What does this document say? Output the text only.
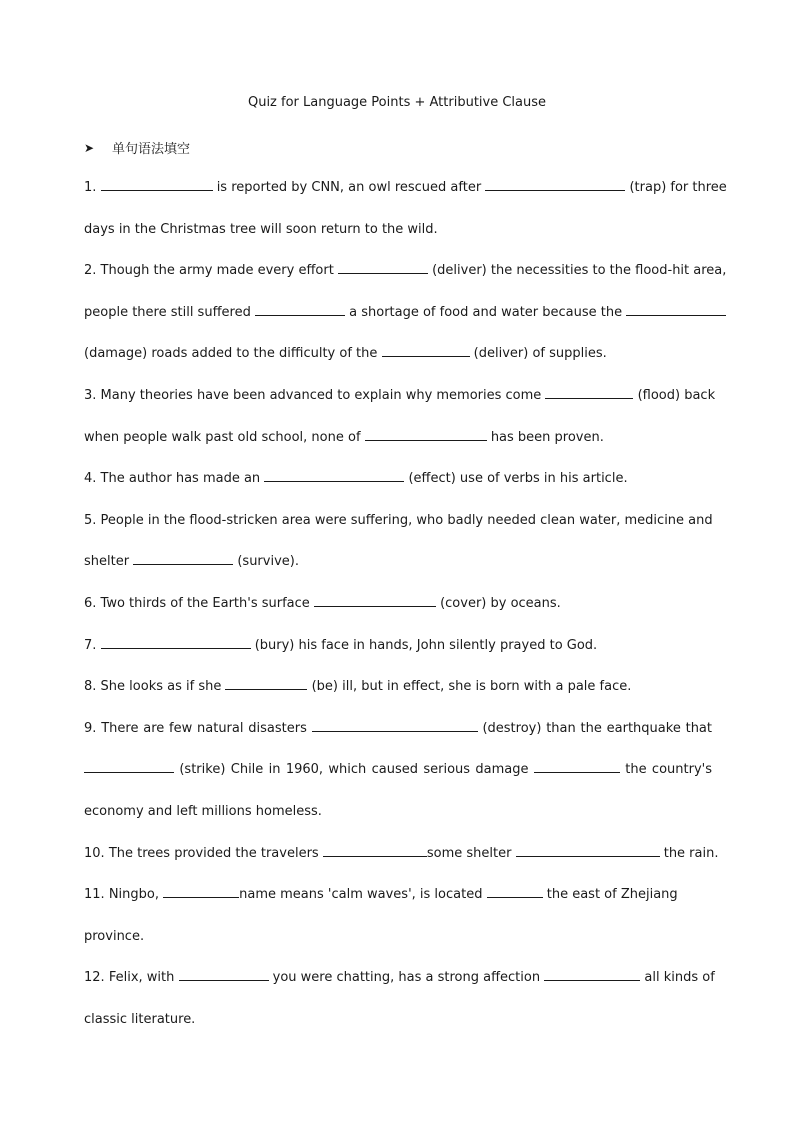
Quiz for Language Points + Attributive Clause
➤	单句语法填空
1.	is reported by CNN, an owl rescued after	(trap) for three
days in the Christmas tree will soon return to the wild.
2. Though the army made every effort	(deliver) the necessities to the flood-hit area,
people there still suffered	a shortage of food and water because the
(damage) roads added to the difficulty of the	(deliver) of supplies.
3. Many theories have been advanced to explain why memories come	(flood) back
when people walk past old school, none of	has been proven.
4. The author has made an	(effect) use of verbs in his article.
5. People in the flood-stricken area were suffering, who badly needed clean water, medicine and
shelter	(survive).
6. Two thirds of the Earth's surface	(cover) by oceans.
7.	(bury) his face in hands, John silently prayed to God.
8. She looks as if she	(be) ill, but in effect, she is born with a pale face.
9. There are few natural disasters	(destroy) than the earthquake that
(strike) Chile in 1960, which caused serious damage	the country's
economy and left millions homeless.
10. The trees provided the travelers	some shelter	the rain.
11. Ningbo,	name means 'calm waves', is located	the east of Zhejiang
province.
12. Felix, with	you were chatting, has a strong affection	all kinds of
classic literature.
